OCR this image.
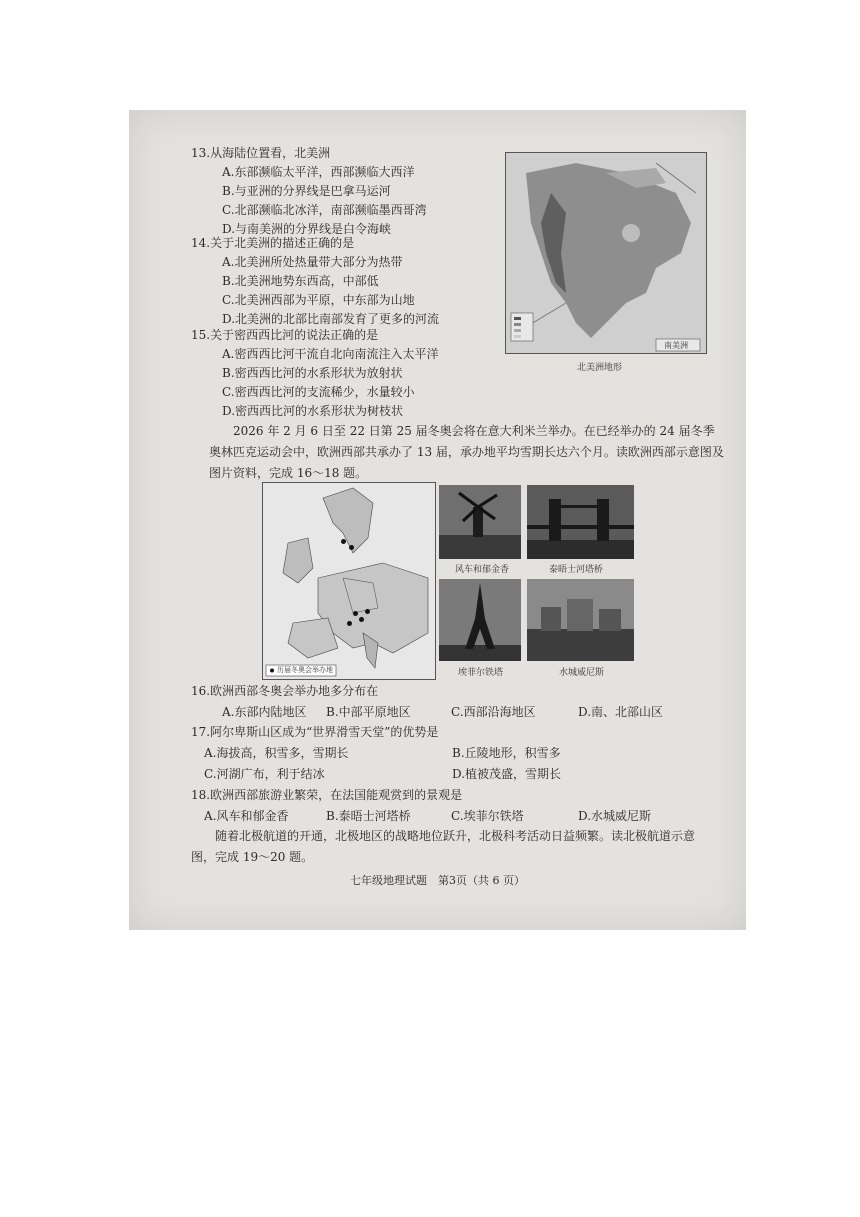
13.从海陆位置看，北美洲
A.东部濒临太平洋，西部濒临大西洋
B.与亚洲的分界线是巴拿马运河
C.北部濒临北冰洋，南部濒临墨西哥湾
D.与南美洲的分界线是白令海峡
14.关于北美洲的描述正确的是
A.北美洲所处热量带大部分为热带
B.北美洲地势东西高，中部低
C.北美洲西部为平原，中东部为山地
D.北美洲的北部比南部发育了更多的河流
15.关于密西西比河的说法正确的是
A.密西西比河干流自北向南流注入太平洋
B.密西西比河的水系形状为放射状
C.密西西比河的支流稀少，水量较小
D.密西西比河的水系形状为树枝状
南美洲
北美洲地形
2026 年 2 月 6 日至 22 日第 25 届冬奥会将在意大利米兰举办。在已经举办的 24 届冬季奥林匹克运动会中，欧洲西部共承办了 13 届，承办地平均雪期长达六个月。读欧洲西部示意图及图片资料，完成 16～18 题。
历届冬奥会举办地
风车和郁金香	泰晤士河塔桥
埃菲尔铁塔	水城威尼斯
16.欧洲西部冬奥会举办地多分布在
A.东部内陆地区 B.中部平原地区	C.西部沿海地区	D.南、北部山区
17.阿尔卑斯山区成为“世界滑雪天堂”的优势是
A.海拔高，积雪多，雪期长	B.丘陵地形，积雪多
C.河湖广布，利于结冰	D.植被茂盛，雪期长
18.欧洲西部旅游业繁荣，在法国能观赏到的景观是
A.风车和郁金香	B.泰晤士河塔桥	C.埃菲尔铁塔	D.水城威尼斯
随着北极航道的开通，北极地区的战略地位跃升，北极科考活动日益频繁。读北极航道示意图，完成 19～20 题。
七年级地理试题　第3页（共 6 页）
